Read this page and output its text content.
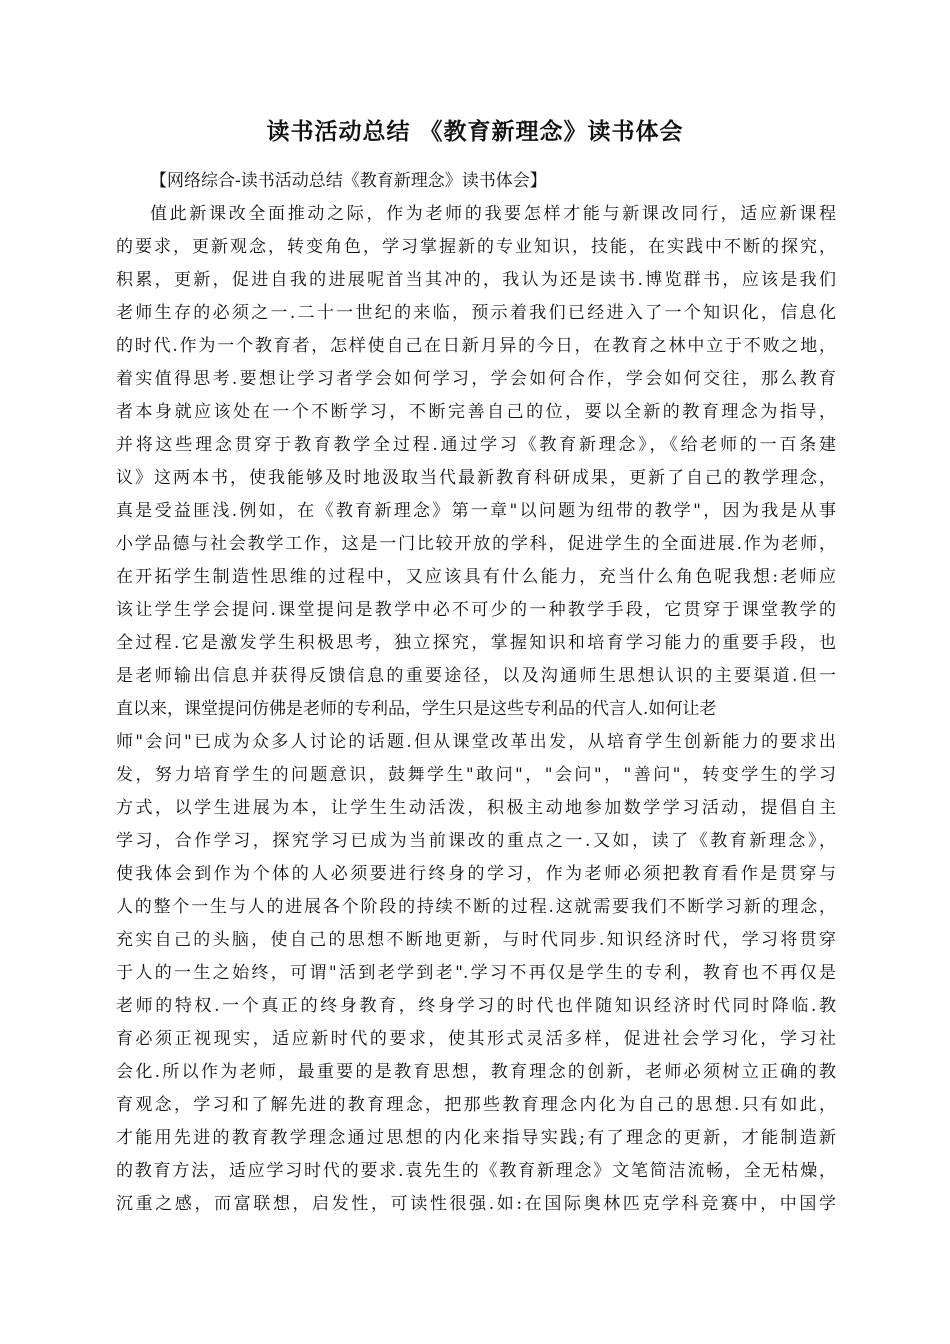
读书活动总结 《教育新理念》读书体会
【网络综合-读书活动总结《教育新理念》读书体会】
值此新课改全面推动之际，作为老师的我要怎样才能与新课改同行，适应新课程
的要求，更新观念，转变角色，学习掌握新的专业知识，技能，在实践中不断的探究，
积累，更新，促进自我的进展呢首当其冲的，我认为还是读书.博览群书，应该是我们
老师生存的必须之一.二十一世纪的来临，预示着我们已经进入了一个知识化，信息化
的时代.作为一个教育者，怎样使自己在日新月异的今日，在教育之林中立于不败之地，
着实值得思考.要想让学习者学会如何学习，学会如何合作，学会如何交往，那么教育
者本身就应该处在一个不断学习，不断完善自己的位，要以全新的教育理念为指导，
并将这些理念贯穿于教育教学全过程.通过学习《教育新理念》，《给老师的一百条建
议》这两本书，使我能够及时地汲取当代最新教育科研成果，更新了自己的教学理念，
真是受益匪浅.例如，在《教育新理念》第一章"以问题为纽带的教学"，因为我是从事
小学品德与社会教学工作，这是一门比较开放的学科，促进学生的全面进展.作为老师，
在开拓学生制造性思维的过程中，又应该具有什么能力，充当什么角色呢我想:老师应
该让学生学会提问.课堂提问是教学中必不可少的一种教学手段，它贯穿于课堂教学的
全过程.它是激发学生积极思考，独立探究，掌握知识和培育学习能力的重要手段，也
是老师输出信息并获得反馈信息的重要途径，以及沟通师生思想认识的主要渠道.但一
直以来，课堂提问仿佛是老师的专利品，学生只是这些专利品的代言人.如何让老
师"会问"已成为众多人讨论的话题.但从课堂改革出发，从培育学生创新能力的要求出
发，努力培育学生的问题意识，鼓舞学生"敢问"，"会问"，"善问"，转变学生的学习
方式，以学生进展为本，让学生生动活泼，积极主动地参加数学学习活动，提倡自主
学习，合作学习，探究学习已成为当前课改的重点之一.又如，读了《教育新理念》，
使我体会到作为个体的人必须要进行终身的学习，作为老师必须把教育看作是贯穿与
人的整个一生与人的进展各个阶段的持续不断的过程.这就需要我们不断学习新的理念，
充实自己的头脑，使自己的思想不断地更新，与时代同步.知识经济时代，学习将贯穿
于人的一生之始终，可谓"活到老学到老".学习不再仅是学生的专利，教育也不再仅是
老师的特权.一个真正的终身教育，终身学习的时代也伴随知识经济时代同时降临.教
育必须正视现实，适应新时代的要求，使其形式灵活多样，促进社会学习化，学习社
会化.所以作为老师，最重要的是教育思想，教育理念的创新，老师必须树立正确的教
育观念，学习和了解先进的教育理念，把那些教育理念内化为自己的思想.只有如此，
才能用先进的教育教学理念通过思想的内化来指导实践;有了理念的更新，才能制造新
的教育方法，适应学习时代的要求.袁先生的《教育新理念》文笔简洁流畅，全无枯燥，
沉重之感，而富联想，启发性，可读性很强.如:在国际奥林匹克学科竞赛中，中国学
